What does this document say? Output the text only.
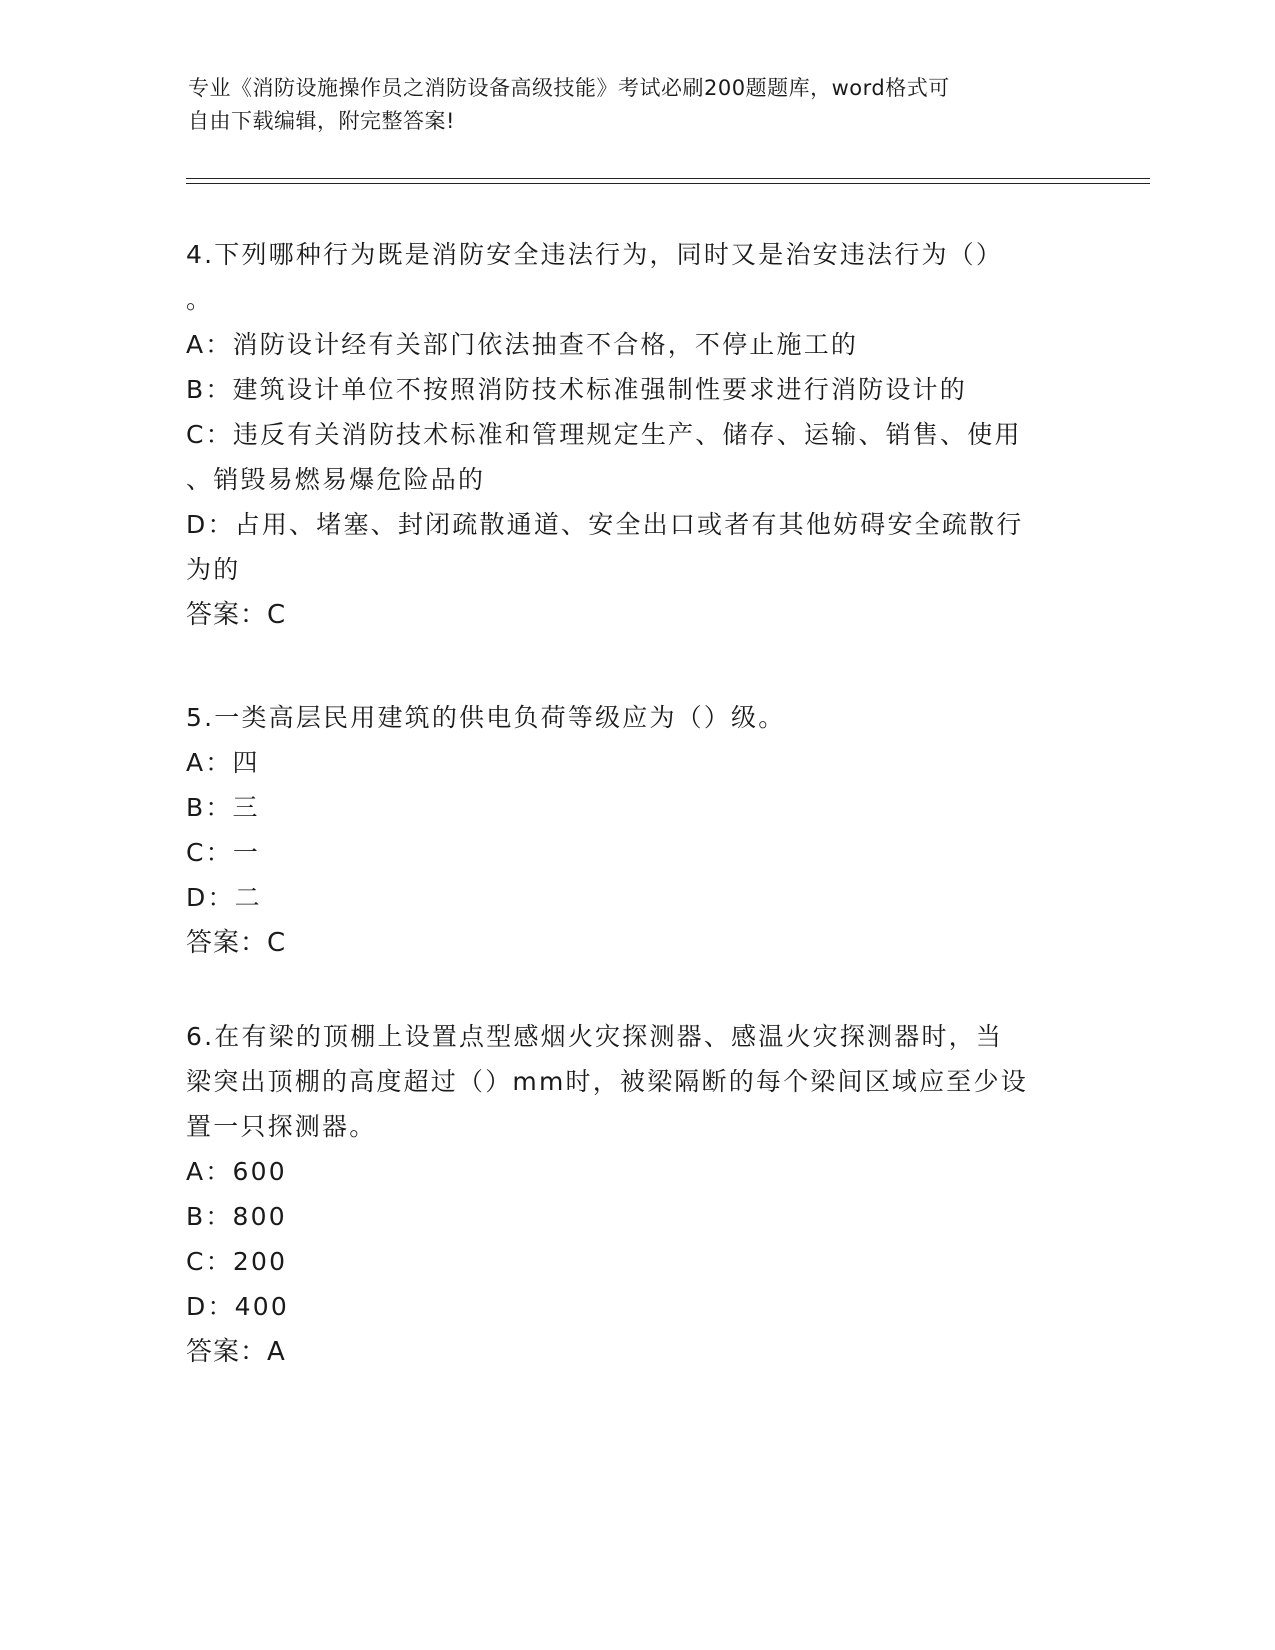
专业《消防设施操作员之消防设备高级技能》考试必刷200题题库，word格式可
自由下载编辑，附完整答案!
4.下列哪种行为既是消防安全违法行为，同时又是治安违法行为（）
。
A：消防设计经有关部门依法抽查不合格，不停止施工的
B：建筑设计单位不按照消防技术标准强制性要求进行消防设计的
C：违反有关消防技术标准和管理规定生产、储存、运输、销售、使用
、销毁易燃易爆危险品的
D：占用、堵塞、封闭疏散通道、安全出口或者有其他妨碍安全疏散行
为的
答案：C
5.一类高层民用建筑的供电负荷等级应为（）级。
A：四
B：三
C：一
D：二
答案：C
6.在有梁的顶棚上设置点型感烟火灾探测器、感温火灾探测器时，当
梁突出顶棚的高度超过（）mm时，被梁隔断的每个梁间区域应至少设
置一只探测器。
A：600
B：800
C：200
D：400
答案：A
